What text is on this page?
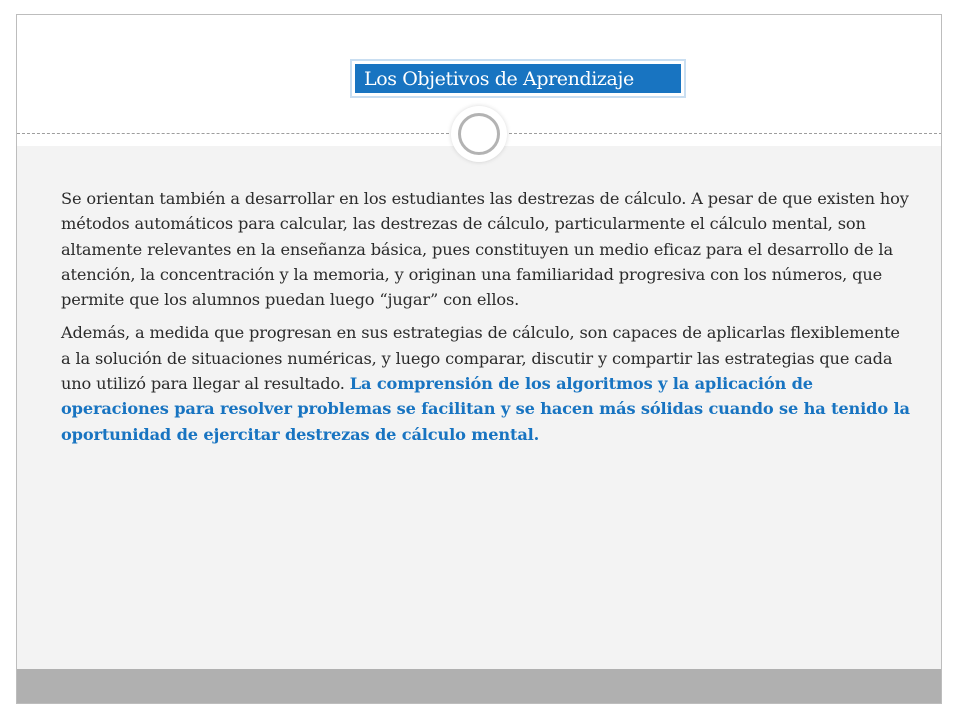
Los Objetivos de Aprendizaje

Se orientan también a desarrollar en los estudiantes las destrezas de cálculo. A pesar de que existen hoy métodos automáticos para calcular, las destrezas de cálculo, particularmente el cálculo mental, son altamente relevantes en la enseñanza básica, pues constituyen un medio eficaz para el desarrollo de la atención, la concentración y la memoria, y originan una familiaridad progresiva con los números, que permite que los alumnos puedan luego “jugar” con ellos.

Además, a medida que progresan en sus estrategias de cálculo, son capaces de aplicarlas flexiblemente a la solución de situaciones numéricas, y luego comparar, discutir y compartir las estrategias que cada uno utilizó para llegar al resultado. La comprensión de los algoritmos y la aplicación de operaciones para resolver problemas se facilitan y se hacen más sólidas cuando se ha tenido la oportunidad de ejercitar destrezas de cálculo mental.
